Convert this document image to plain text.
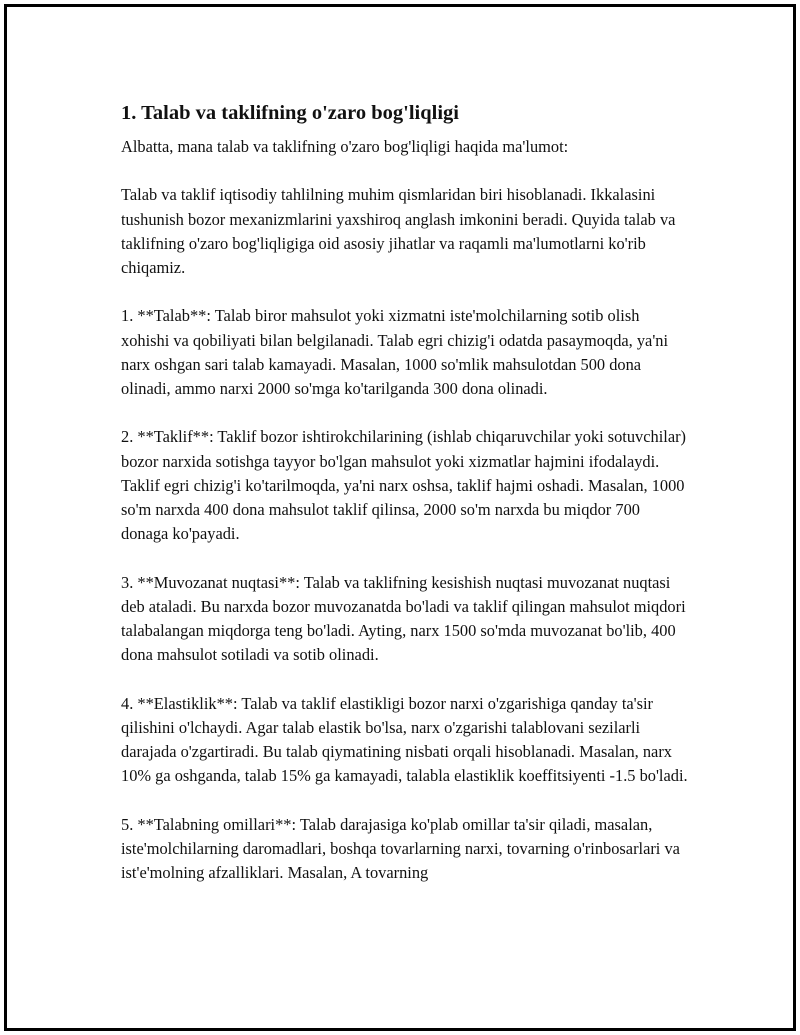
1. Talab va taklifning o'zaro bog'liqligi

Albatta, mana talab va taklifning o'zaro bog'liqligi haqida ma'lumot:

Talab va taklif iqtisodiy tahlilning muhim qismlaridan biri hisoblanadi. Ikkalasini tushunish bozor mexanizmlarini yaxshiroq anglash imkonini beradi. Quyida talab va taklifning o'zaro bog'liqligiga oid asosiy jihatlar va raqamli ma'lumotlarni ko'rib chiqamiz.

1. **Talab**: Talab biror mahsulot yoki xizmatni iste'molchilarning sotib olish xohishi va qobiliyati bilan belgilanadi. Talab egri chizig'i odatda pasaymoqda, ya'ni narx oshgan sari talab kamayadi. Masalan, 1000 so'mlik mahsulotdan 500 dona olinadi, ammo narxi 2000 so'mga ko'tarilganda 300 dona olinadi.

2. **Taklif**: Taklif bozor ishtirokchilarining (ishlab chiqaruvchilar yoki sotuvchilar) bozor narxida sotishga tayyor bo'lgan mahsulot yoki xizmatlar hajmini ifodalaydi. Taklif egri chizig'i ko'tarilmoqda, ya'ni narx oshsa, taklif hajmi oshadi. Masalan, 1000 so'm narxda 400 dona mahsulot taklif qilinsa, 2000 so'm narxda bu miqdor 700 donaga ko'payadi.

3. **Muvozanat nuqtasi**: Talab va taklifning kesishish nuqtasi muvozanat nuqtasi deb ataladi. Bu narxda bozor muvozanatda bo'ladi va taklif qilingan mahsulot miqdori talabalangan miqdorga teng bo'ladi. Ayting, narx 1500 so'mda muvozanat bo'lib, 400 dona mahsulot sotiladi va sotib olinadi.

4. **Elastiklik**: Talab va taklif elastikligi bozor narxi o'zgarishiga qanday ta'sir qilishini o'lchaydi. Agar talab elastik bo'lsa, narx o'zgarishi talablovani sezilarli darajada o'zgartiradi. Bu talab qiymatining nisbati orqali hisoblanadi. Masalan, narx 10% ga oshganda, talab 15% ga kamayadi, talabla elastiklik koeffitsiyenti -1.5 bo'ladi.

5. **Talabning omillari**: Talab darajasiga ko'plab omillar ta'sir qiladi, masalan, iste'molchilarning daromadlari, boshqa tovarlarning narxi, tovarning o'rinbosarlari va ist'e'molning afzalliklari. Masalan, A tovarning
